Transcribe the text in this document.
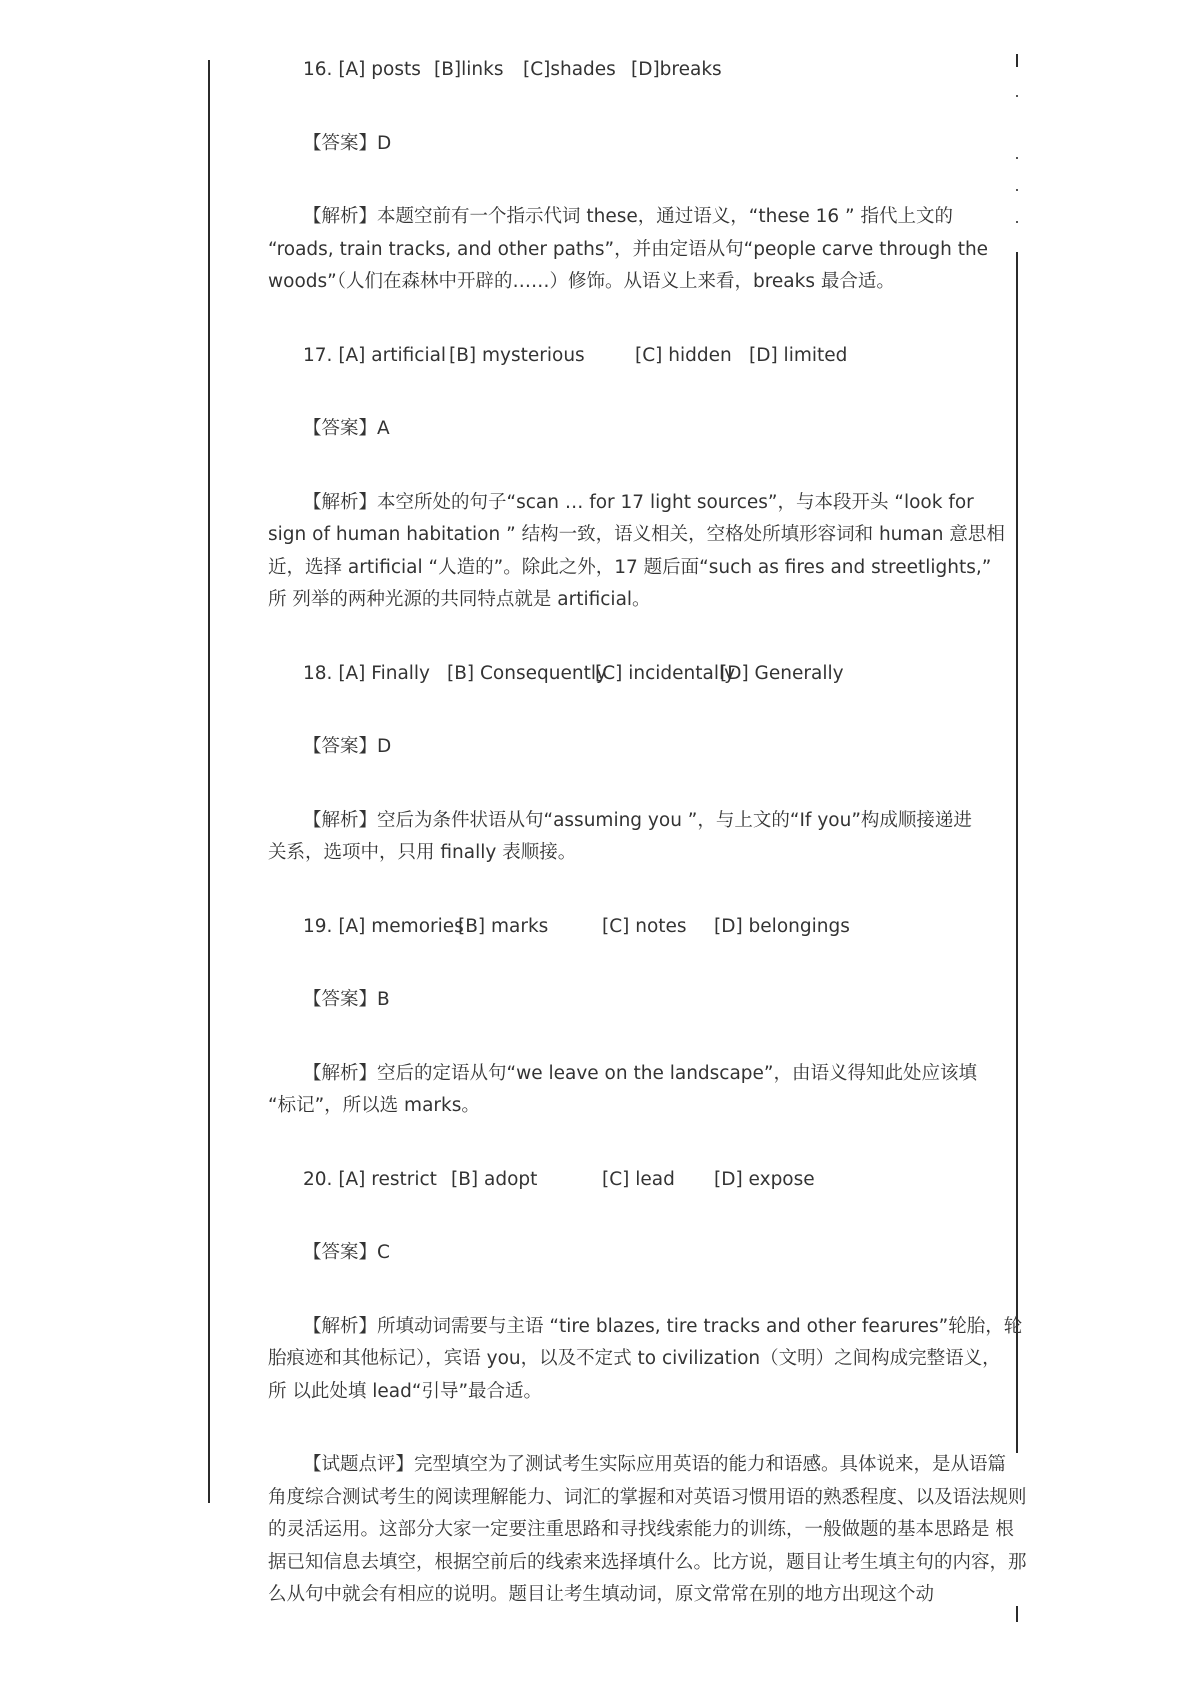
16. [A] posts [B]links [C]shades [D]breaks
【答案】D
【解析】本题空前有一个指示代词 these，通过语义，“these 16 ” 指代上文的
“roads, train tracks, and other paths”，并由定语从句“people carve through the
woods”（人们在森林中开辟的……）修饰。从语义上来看，breaks 最合适。
17. [A] artificial [B] mysterious	[C] hidden [D] limited
【答案】A
【解析】本空所处的句子“scan … for 17 light sources”，与本段开头 “look for
sign of human habitation ” 结构一致，语义相关，空格处所填形容词和 human 意思相
近，选择 artificial “人造的”。除此之外，17 题后面“such as fires and streetlights,”
所 列举的两种光源的共同特点就是 artificial。
18. [A] Finally [B] Consequently
[C] incidentally
[D] Generally
【答案】D
【解析】空后为条件状语从句“assuming you ”，与上文的“If you”构成顺接递进
关系，选项中，只用 finally 表顺接。
19. [A] memories
[B] marks	[C] notes [D] belongings
【答案】B
【解析】空后的定语从句“we leave on the landscape”，由语义得知此处应该填
“标记”，所以选 marks。
20. [A] restrict [B] adopt	[C] lead [D] expose
【答案】C
【解析】所填动词需要与主语 “tire blazes, tire tracks and other fearures”轮胎，轮
胎痕迹和其他标记），宾语 you，以及不定式 to civilization（文明）之间构成完整语义，
所 以此处填 lead“引导”最合适。
【试题点评】完型填空为了测试考生实际应用英语的能力和语感。具体说来，是从语篇
角度综合测试考生的阅读理解能力、词汇的掌握和对英语习惯用语的熟悉程度、以及语法规则
的灵活运用。这部分大家一定要注重思路和寻找线索能力的训练，一般做题的基本思路是 根
据已知信息去填空，根据空前后的线索来选择填什么。比方说，题目让考生填主句的内容，那
么从句中就会有相应的说明。题目让考生填动词，原文常常在别的地方出现这个动
